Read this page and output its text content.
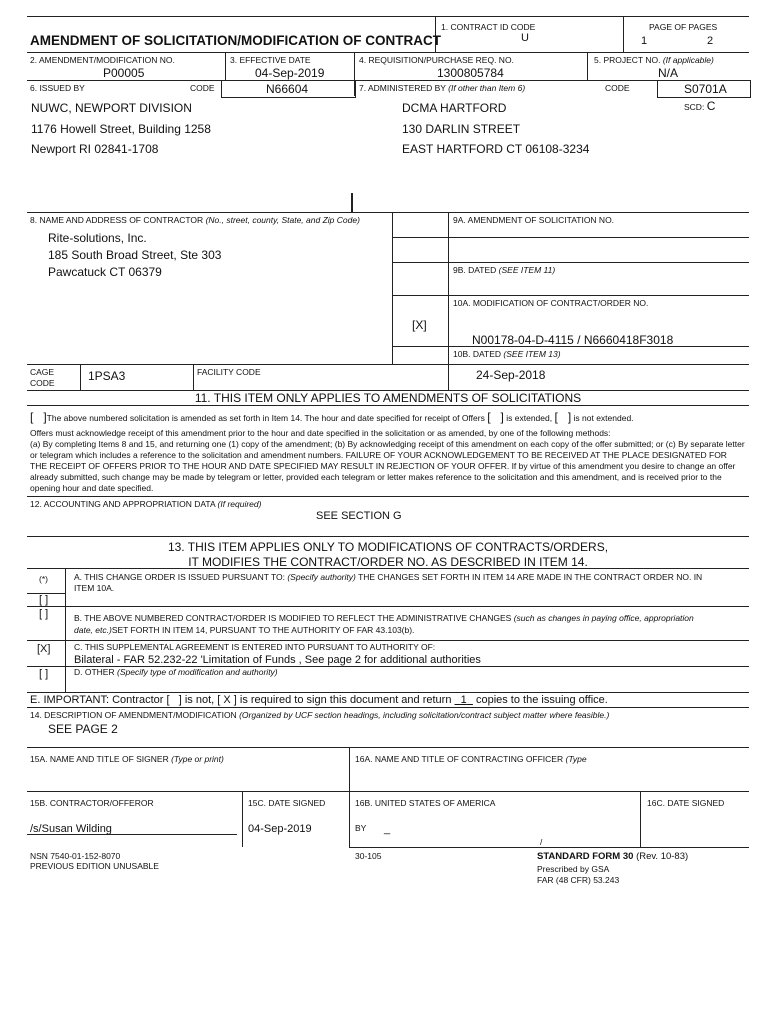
1. CONTRACT ID CODE
U
PAGE OF PAGES
1	2
AMENDMENT OF SOLICITATION/MODIFICATION OF CONTRACT
2. AMENDMENT/MODIFICATION NO.
P00005
3. EFFECTIVE DATE
04-Sep-2019
4. REQUISITION/PURCHASE REQ. NO.
1300805784
5. PROJECT NO. (If applicable)
N/A
6. ISSUED BY	CODE	N66604	7. ADMINISTERED BY (If other than Item 6)	CODE	S0701A
SCD: C
NUWC, NEWPORT DIVISION
1176 Howell Street, Building 1258
Newport RI 02841-1708
DCMA HARTFORD
130 DARLIN STREET
EAST HARTFORD CT 06108-3234
8. NAME AND ADDRESS OF CONTRACTOR (No., street, county, State, and Zip Code)
Rite-solutions, Inc.
185 South Broad Street, Ste 303
Pawcatuck CT 06379
9A. AMENDMENT OF SOLICITATION NO.
9B. DATED (SEE ITEM 11)
10A. MODIFICATION OF CONTRACT/ORDER NO.
[X]
N00178-04-D-4115 / N6660418F3018
10B. DATED (SEE ITEM 13)
24-Sep-2018
CAGE
CODE	1PSA3	FACILITY CODE
11. THIS ITEM ONLY APPLIES TO AMENDMENTS OF SOLICITATIONS
[   ]The above numbered solicitation is amended as set forth in Item 14. The hour and date specified for receipt of Offers [   ] is extended, [   ] is not extended.
Offers must acknowledge receipt of this amendment prior to the hour and date specified in the solicitation or as amended, by one of the following methods:
(a) By completing Items 8 and 15, and returning one (1) copy of the amendment; (b) By acknowledging receipt of this amendment on each copy of the offer submitted; or (c) By separate letter or telegram which includes a reference to the solicitation and amendment numbers. FAILURE OF YOUR ACKNOWLEDGEMENT TO BE RECEIVED AT THE PLACE DESIGNATED FOR THE RECEIPT OF OFFERS PRIOR TO THE HOUR AND DATE SPECIFIED MAY RESULT IN REJECTION OF YOUR OFFER. If by virtue of this amendment you desire to change an offer already submitted, such change may be made by telegram or letter, provided each telegram or letter makes reference to the solicitation and this amendment, and is received prior to the opening hour and date specified.
12. ACCOUNTING AND APPROPRIATION DATA (If required)
SEE SECTION G
13. THIS ITEM APPLIES ONLY TO MODIFICATIONS OF CONTRACTS/ORDERS,
IT MODIFIES THE CONTRACT/ORDER NO. AS DESCRIBED IN ITEM 14.
(*)	A. THIS CHANGE ORDER IS ISSUED PURSUANT TO: (Specify authority) THE CHANGES SET FORTH IN ITEM 14 ARE MADE IN THE CONTRACT ORDER NO. IN
ITEM 10A.
[ ]
[ ]	B. THE ABOVE NUMBERED CONTRACT/ORDER IS MODIFIED TO REFLECT THE ADMINISTRATIVE CHANGES (such as changes in paying office, appropriation
date, etc.)SET FORTH IN ITEM 14, PURSUANT TO THE AUTHORITY OF FAR 43.103(b).
[X]	C. THIS SUPPLEMENTAL AGREEMENT IS ENTERED INTO PURSUANT TO AUTHORITY OF:
Bilateral - FAR 52.232-22 'Limitation of Funds , See page 2 for additional authorities
[ ]	D. OTHER (Specify type of modification and authority)
E. IMPORTANT: Contractor [ ] is not, [ X ] is required to sign this document and return 1 copies to the issuing office.
14. DESCRIPTION OF AMENDMENT/MODIFICATION (Organized by UCF section headings, including solicitation/contract subject matter where feasible.)
SEE PAGE 2
15A. NAME AND TITLE OF SIGNER (Type or print)	16A. NAME AND TITLE OF CONTRACTING OFFICER (Type
15B. CONTRACTOR/OFFEROR	15C. DATE SIGNED	16B. UNITED STATES OF AMERICA	16C. DATE SIGNED
/s/Susan Wilding	04-Sep-2019	BY _
/
NSN 7540-01-152-8070
PREVIOUS EDITION UNUSABLE
30-105	STANDARD FORM 30 (Rev. 10-83)
Prescribed by GSA
FAR (48 CFR) 53.243
